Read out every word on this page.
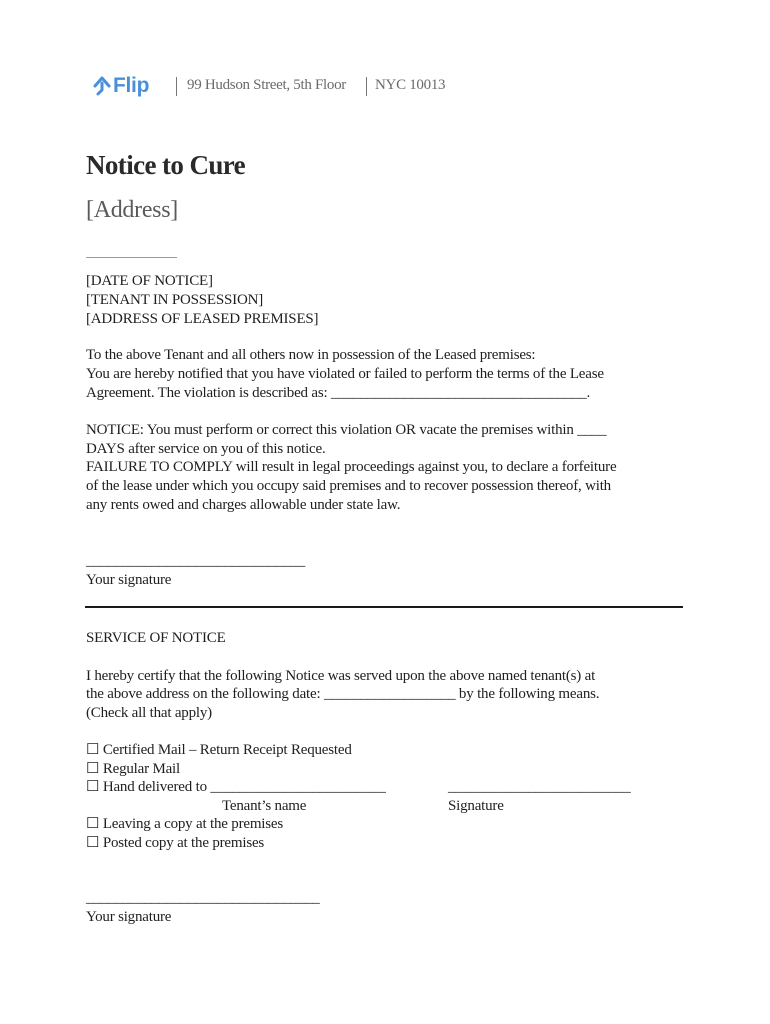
Flip	99 Hudson Street, 5th Floor NYC 10013
Notice to Cure
[Address]
[DATE OF NOTICE]
[TENANT IN POSSESSION]
[ADDRESS OF LEASED PREMISES]
To the above Tenant and all others now in possession of the Leased premises:
You are hereby notified that you have violated or failed to perform the terms of the Lease
Agreement. The violation is described as: ___________________________________.
NOTICE: You must perform or correct this violation OR vacate the premises within ____
DAYS after service on you of this notice.
FAILURE TO COMPLY will result in legal proceedings against you, to declare a forfeiture
of the lease under which you occupy said premises and to recover possession thereof, with
any rents owed and charges allowable under state law.
______________________________
Your signature
SERVICE OF NOTICE
I hereby certify that the following Notice was served upon the above named tenant(s) at
the above address on the following date: __________________ by the following means.
(Check all that apply)
☐ Certified Mail – Return Receipt Requested
☐ Regular Mail
☐ Hand delivered to ________________________	_________________________
Tenant’s name	Signature
☐ Leaving a copy at the premises
☐ Posted copy at the premises
________________________________
Your signature
